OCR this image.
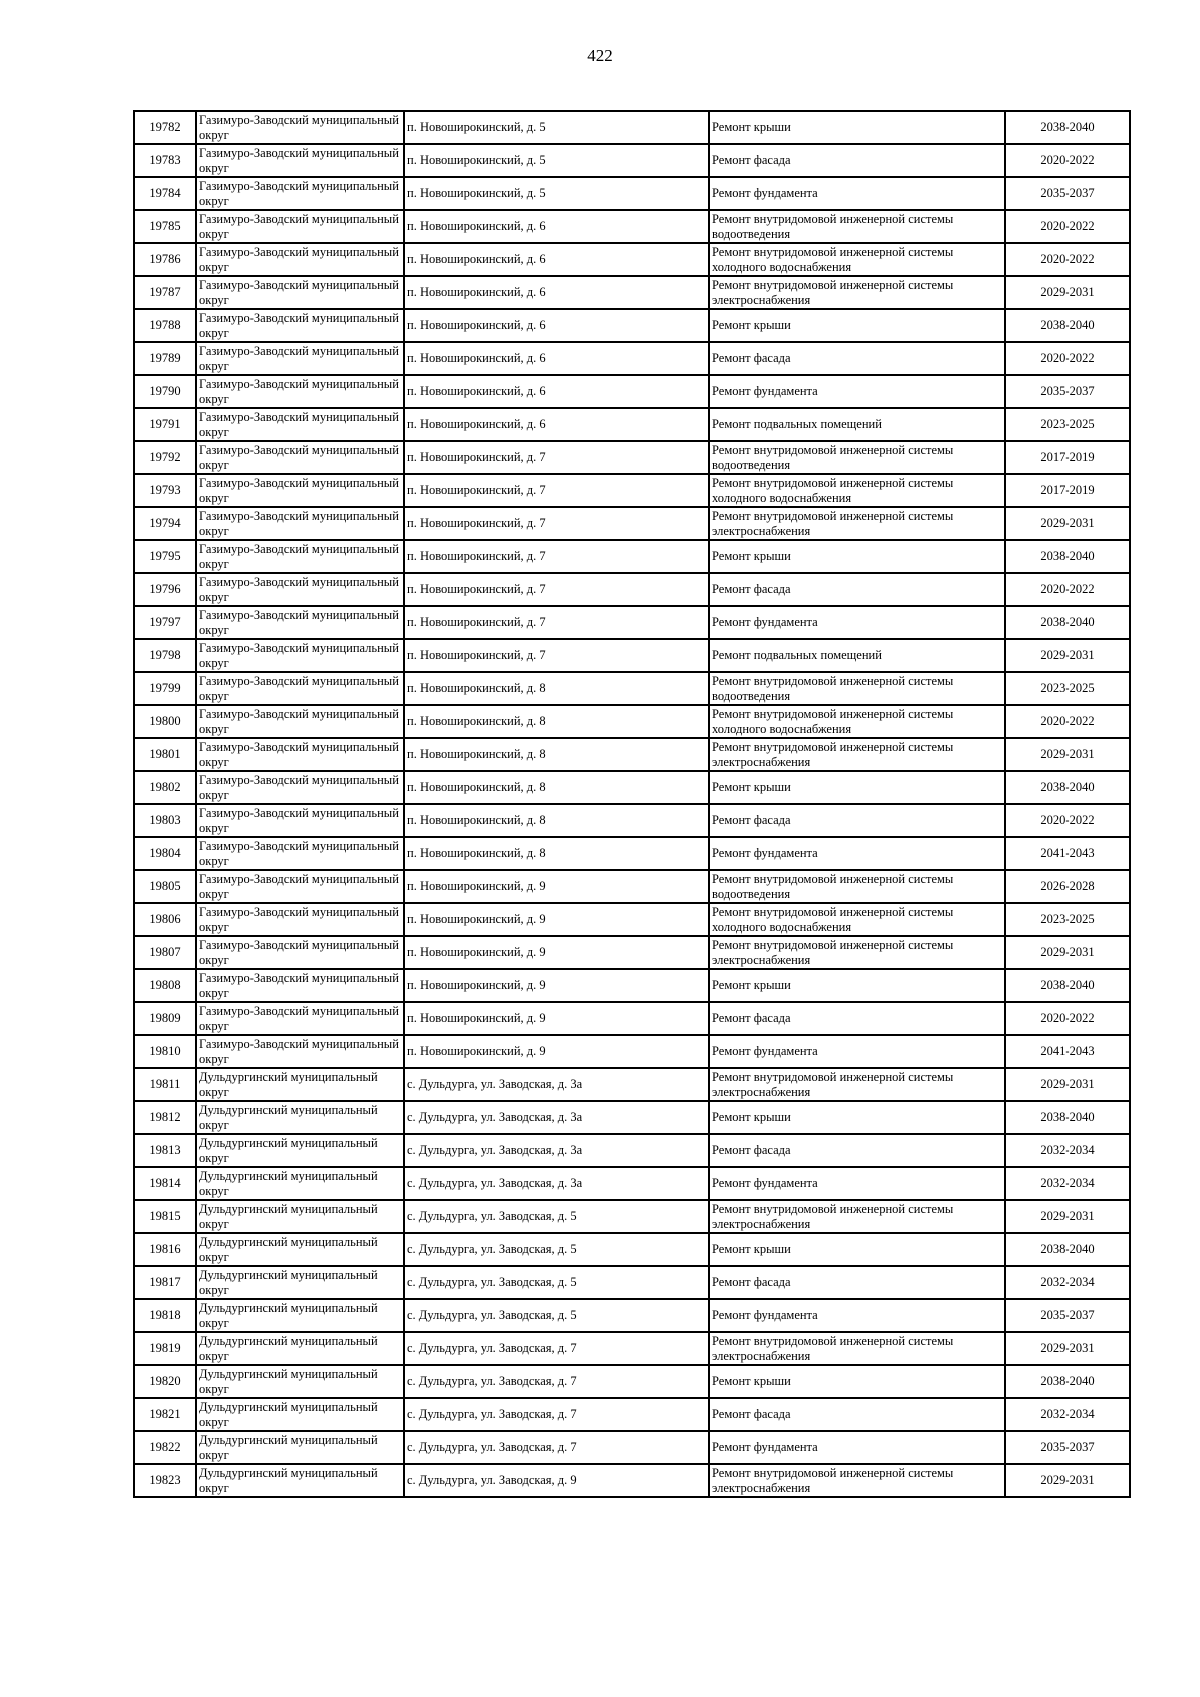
422
19782	Газимуро-Заводский муниципальный округ	п. Новоширокинский, д. 5	Ремонт крыши	2038-2040
19783	Газимуро-Заводский муниципальный округ	п. Новоширокинский, д. 5	Ремонт фасада	2020-2022
19784	Газимуро-Заводский муниципальный округ	п. Новоширокинский, д. 5	Ремонт фундамента	2035-2037
19785	Газимуро-Заводский муниципальный округ	п. Новоширокинский, д. 6	Ремонт внутридомовой инженерной системы водоотведения	2020-2022
19786	Газимуро-Заводский муниципальный округ	п. Новоширокинский, д. 6	Ремонт внутридомовой инженерной системы холодного водоснабжения	2020-2022
19787	Газимуро-Заводский муниципальный округ	п. Новоширокинский, д. 6	Ремонт внутридомовой инженерной системы электроснабжения	2029-2031
19788	Газимуро-Заводский муниципальный округ	п. Новоширокинский, д. 6	Ремонт крыши	2038-2040
19789	Газимуро-Заводский муниципальный округ	п. Новоширокинский, д. 6	Ремонт фасада	2020-2022
19790	Газимуро-Заводский муниципальный округ	п. Новоширокинский, д. 6	Ремонт фундамента	2035-2037
19791	Газимуро-Заводский муниципальный округ	п. Новоширокинский, д. 6	Ремонт подвальных помещений	2023-2025
19792	Газимуро-Заводский муниципальный округ	п. Новоширокинский, д. 7	Ремонт внутридомовой инженерной системы водоотведения	2017-2019
19793	Газимуро-Заводский муниципальный округ	п. Новоширокинский, д. 7	Ремонт внутридомовой инженерной системы холодного водоснабжения	2017-2019
19794	Газимуро-Заводский муниципальный округ	п. Новоширокинский, д. 7	Ремонт внутридомовой инженерной системы электроснабжения	2029-2031
19795	Газимуро-Заводский муниципальный округ	п. Новоширокинский, д. 7	Ремонт крыши	2038-2040
19796	Газимуро-Заводский муниципальный округ	п. Новоширокинский, д. 7	Ремонт фасада	2020-2022
19797	Газимуро-Заводский муниципальный округ	п. Новоширокинский, д. 7	Ремонт фундамента	2038-2040
19798	Газимуро-Заводский муниципальный округ	п. Новоширокинский, д. 7	Ремонт подвальных помещений	2029-2031
19799	Газимуро-Заводский муниципальный округ	п. Новоширокинский, д. 8	Ремонт внутридомовой инженерной системы водоотведения	2023-2025
19800	Газимуро-Заводский муниципальный округ	п. Новоширокинский, д. 8	Ремонт внутридомовой инженерной системы холодного водоснабжения	2020-2022
19801	Газимуро-Заводский муниципальный округ	п. Новоширокинский, д. 8	Ремонт внутридомовой инженерной системы электроснабжения	2029-2031
19802	Газимуро-Заводский муниципальный округ	п. Новоширокинский, д. 8	Ремонт крыши	2038-2040
19803	Газимуро-Заводский муниципальный округ	п. Новоширокинский, д. 8	Ремонт фасада	2020-2022
19804	Газимуро-Заводский муниципальный округ	п. Новоширокинский, д. 8	Ремонт фундамента	2041-2043
19805	Газимуро-Заводский муниципальный округ	п. Новоширокинский, д. 9	Ремонт внутридомовой инженерной системы водоотведения	2026-2028
19806	Газимуро-Заводский муниципальный округ	п. Новоширокинский, д. 9	Ремонт внутридомовой инженерной системы холодного водоснабжения	2023-2025
19807	Газимуро-Заводский муниципальный округ	п. Новоширокинский, д. 9	Ремонт внутридомовой инженерной системы электроснабжения	2029-2031
19808	Газимуро-Заводский муниципальный округ	п. Новоширокинский, д. 9	Ремонт крыши	2038-2040
19809	Газимуро-Заводский муниципальный округ	п. Новоширокинский, д. 9	Ремонт фасада	2020-2022
19810	Газимуро-Заводский муниципальный округ	п. Новоширокинский, д. 9	Ремонт фундамента	2041-2043
19811	Дульдургинский муниципальный округ	с. Дульдурга, ул. Заводская, д. 3а	Ремонт внутридомовой инженерной системы электроснабжения	2029-2031
19812	Дульдургинский муниципальный округ	с. Дульдурга, ул. Заводская, д. 3а	Ремонт крыши	2038-2040
19813	Дульдургинский муниципальный округ	с. Дульдурга, ул. Заводская, д. 3а	Ремонт фасада	2032-2034
19814	Дульдургинский муниципальный округ	с. Дульдурга, ул. Заводская, д. 3а	Ремонт фундамента	2032-2034
19815	Дульдургинский муниципальный округ	с. Дульдурга, ул. Заводская, д. 5	Ремонт внутридомовой инженерной системы электроснабжения	2029-2031
19816	Дульдургинский муниципальный округ	с. Дульдурга, ул. Заводская, д. 5	Ремонт крыши	2038-2040
19817	Дульдургинский муниципальный округ	с. Дульдурга, ул. Заводская, д. 5	Ремонт фасада	2032-2034
19818	Дульдургинский муниципальный округ	с. Дульдурга, ул. Заводская, д. 5	Ремонт фундамента	2035-2037
19819	Дульдургинский муниципальный округ	с. Дульдурга, ул. Заводская, д. 7	Ремонт внутридомовой инженерной системы электроснабжения	2029-2031
19820	Дульдургинский муниципальный округ	с. Дульдурга, ул. Заводская, д. 7	Ремонт крыши	2038-2040
19821	Дульдургинский муниципальный округ	с. Дульдурга, ул. Заводская, д. 7	Ремонт фасада	2032-2034
19822	Дульдургинский муниципальный округ	с. Дульдурга, ул. Заводская, д. 7	Ремонт фундамента	2035-2037
19823	Дульдургинский муниципальный округ	с. Дульдурга, ул. Заводская, д. 9	Ремонт внутридомовой инженерной системы электроснабжения	2029-2031
